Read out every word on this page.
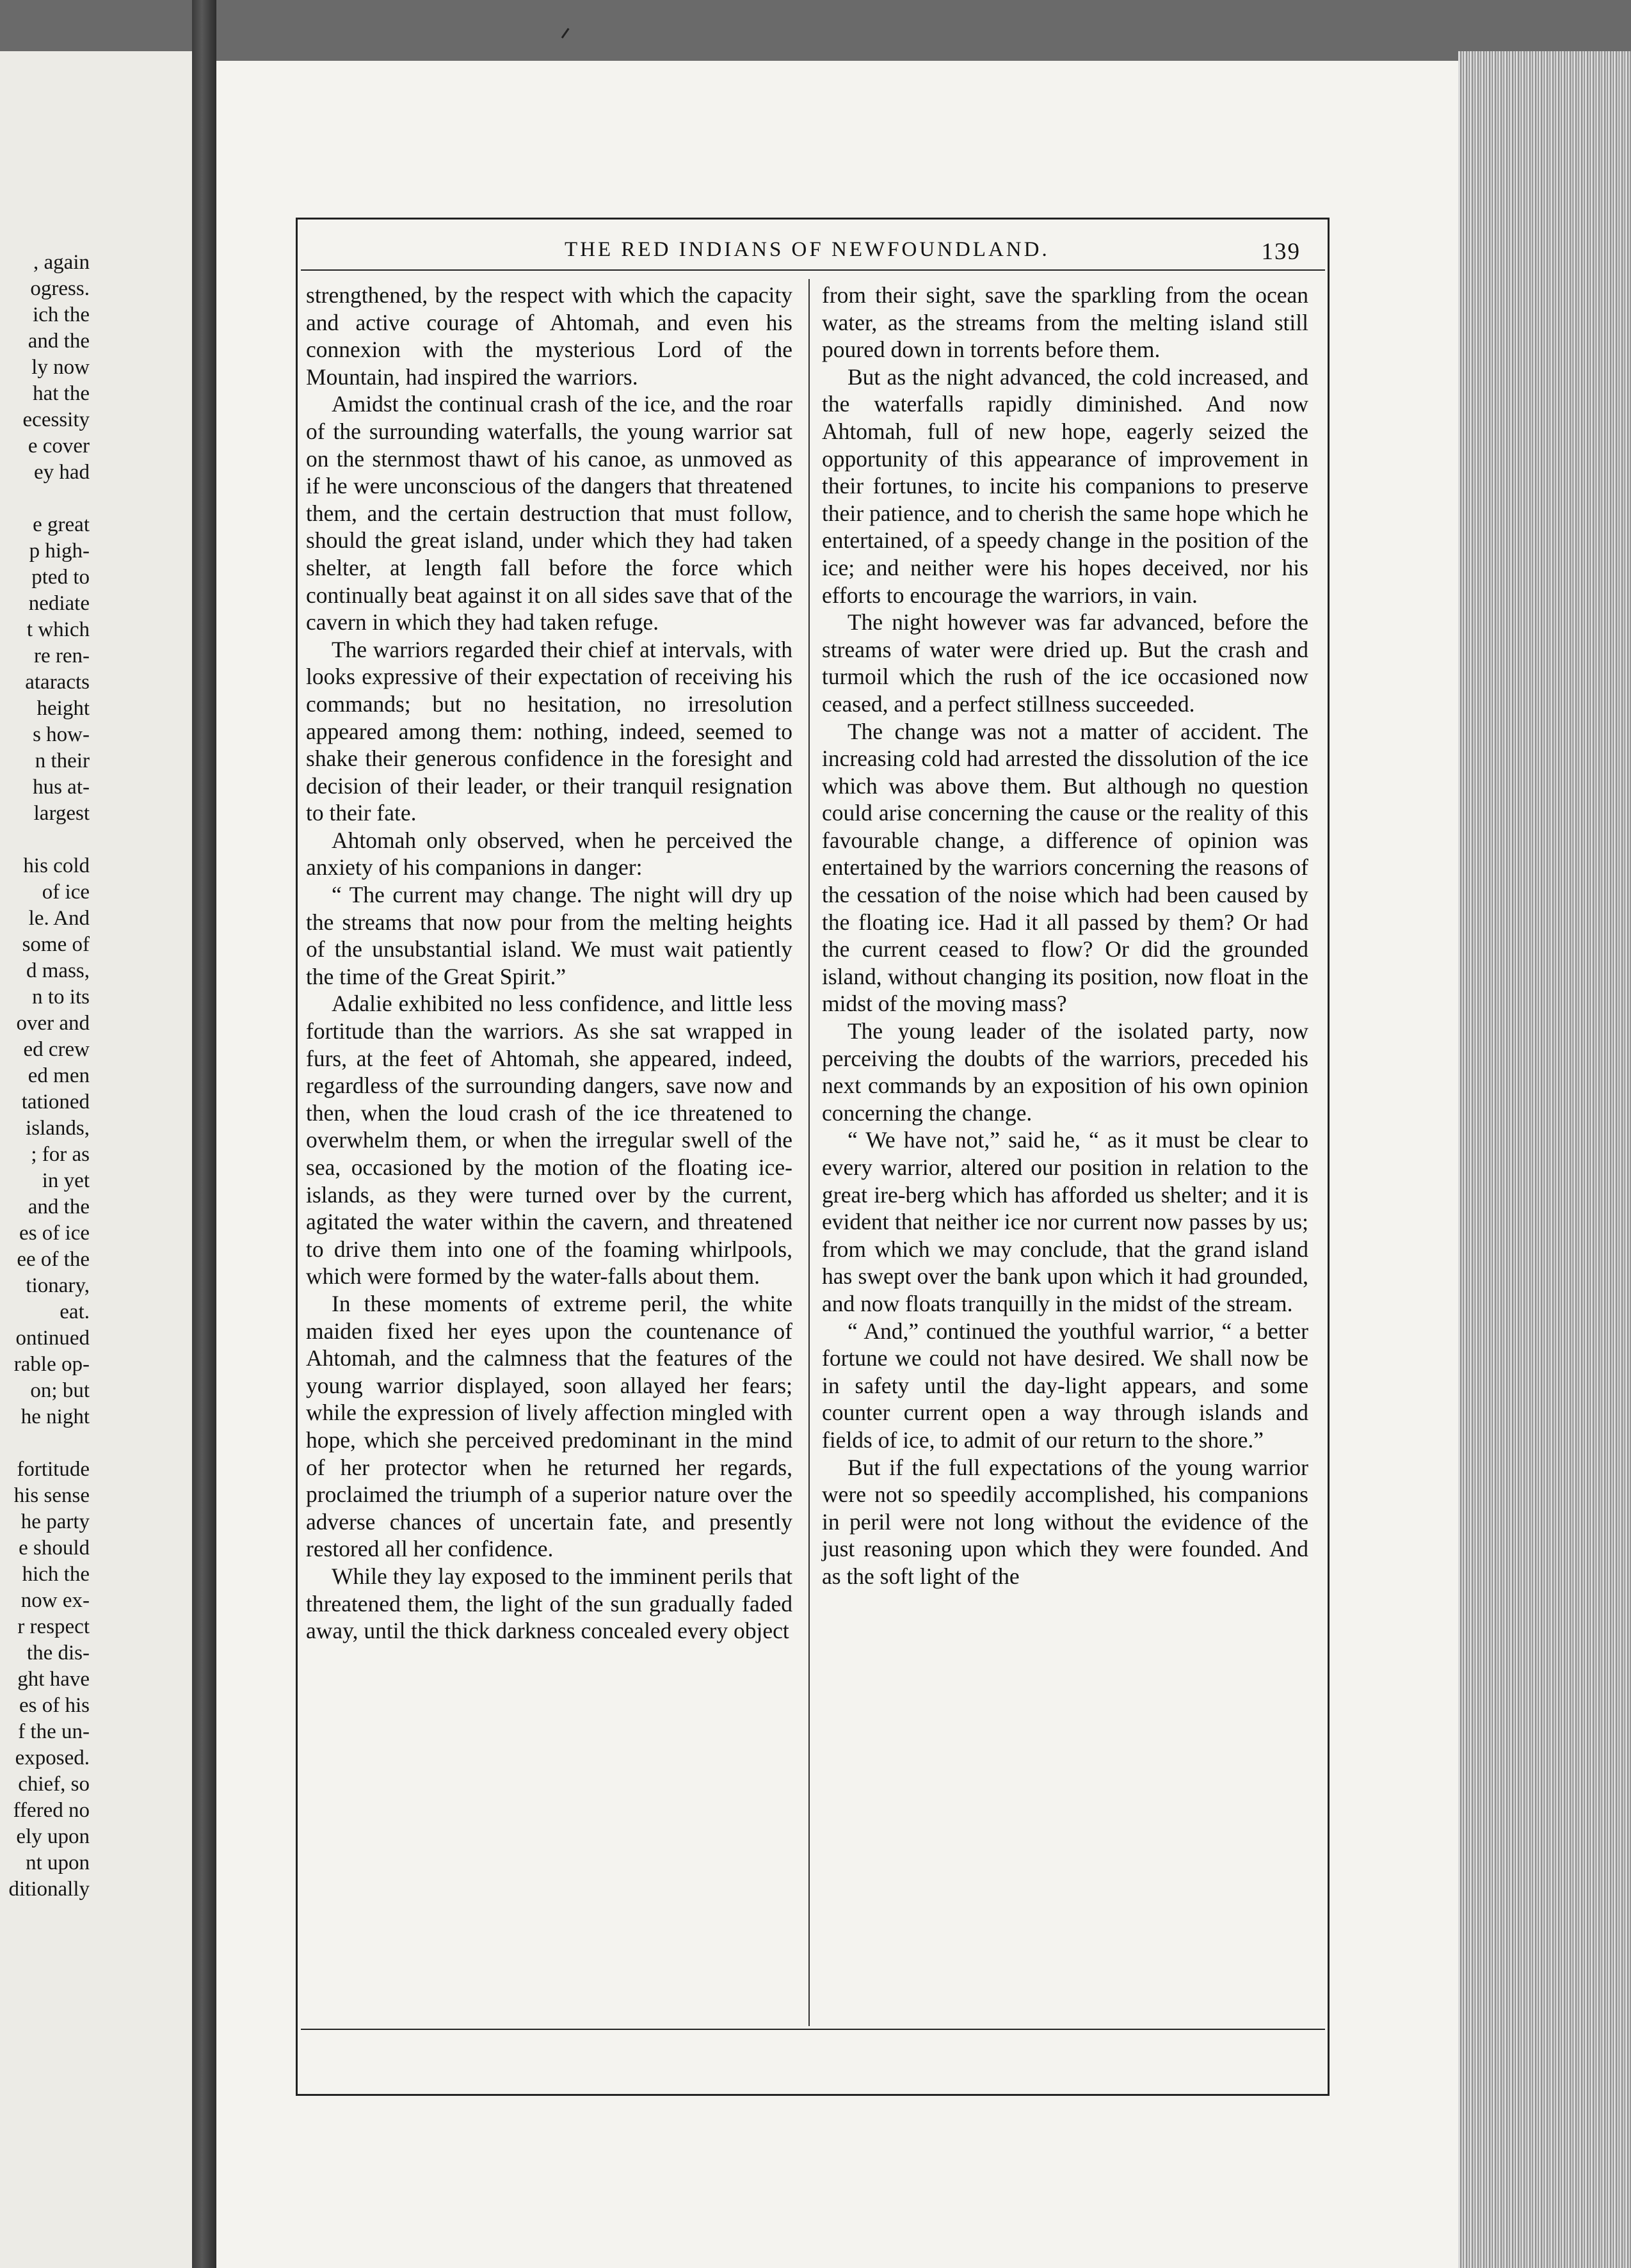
, again
ogress.
ich the
and the
ly now
hat the
ecessity
e cover
ey had
e great
p high-
pted to
nediate
t which
re ren-
ataracts
height
s how-
n their
hus at-
largest
his cold
of ice
le. And
some of
d mass,
n to its
over and
ed crew
ed men
tationed
islands,
; for as
in yet
and the
es of ice
ee of the
tionary,
eat.
ontinued
rable op-
on; but
he night
fortitude
his sense
he party
e should
hich the
now ex-
r respect
the dis-
ght have
es of his
f the un-
exposed.
chief, so
ffered no
ely upon
nt upon
ditionally
THE RED INDIANS OF NEWFOUNDLAND.	139

strengthened, by the respect with which the capacity and active courage of Ahtomah, and even his connexion with the mysterious Lord of the Mountain, had inspired the warriors.

Amidst the continual crash of the ice, and the roar of the surrounding waterfalls, the young warrior sat on the sternmost thawt of his canoe, as unmoved as if he were unconscious of the dangers that threatened them, and the certain destruction that must follow, should the great island, under which they had taken shelter, at length fall before the force which continually beat against it on all sides save that of the cavern in which they had taken refuge.

The warriors regarded their chief at intervals, with looks expressive of their expectation of receiving his commands; but no hesitation, no irresolution appeared among them: nothing, indeed, seemed to shake their generous confidence in the foresight and decision of their leader, or their tranquil resignation to their fate.

Ahtomah only observed, when he perceived the anxiety of his companions in danger:

“ The current may change. The night will dry up the streams that now pour from the melting heights of the unsubstantial island. We must wait patiently the time of the Great Spirit.”

Adalie exhibited no less confidence, and little less fortitude than the warriors. As she sat wrapped in furs, at the feet of Ahtomah, she appeared, indeed, regardless of the surrounding dangers, save now and then, when the loud crash of the ice threatened to overwhelm them, or when the irregular swell of the sea, occasioned by the motion of the floating ice-islands, as they were turned over by the current, agitated the water within the cavern, and threatened to drive them into one of the foaming whirlpools, which were formed by the water-falls about them.

In these moments of extreme peril, the white maiden fixed her eyes upon the countenance of Ahtomah, and the calmness that the features of the young warrior displayed, soon allayed her fears; while the expression of lively affection mingled with hope, which she perceived predominant in the mind of her protector when he returned her regards, proclaimed the triumph of a superior nature over the adverse chances of uncertain fate, and presently restored all her confidence.

While they lay exposed to the imminent perils that threatened them, the light of the sun gradually faded away, until the thick darkness concealed every object

from their sight, save the sparkling from the ocean water, as the streams from the melting island still poured down in torrents before them.

But as the night advanced, the cold increased, and the waterfalls rapidly diminished. And now Ahtomah, full of new hope, eagerly seized the opportunity of this appearance of improvement in their fortunes, to incite his companions to preserve their patience, and to cherish the same hope which he entertained, of a speedy change in the position of the ice; and neither were his hopes deceived, nor his efforts to encourage the warriors, in vain.

The night however was far advanced, before the streams of water were dried up. But the crash and turmoil which the rush of the ice occasioned now ceased, and a perfect stillness succeeded.

The change was not a matter of accident. The increasing cold had arrested the dissolution of the ice which was above them. But although no question could arise concerning the cause or the reality of this favourable change, a difference of opinion was entertained by the warriors concerning the reasons of the cessation of the noise which had been caused by the floating ice. Had it all passed by them? Or had the current ceased to flow? Or did the grounded island, without changing its position, now float in the midst of the moving mass?

The young leader of the isolated party, now perceiving the doubts of the warriors, preceded his next commands by an exposition of his own opinion concerning the change.

“ We have not,” said he, “ as it must be clear to every warrior, altered our position in relation to the great ire-berg which has afforded us shelter; and it is evident that neither ice nor current now passes by us; from which we may conclude, that the grand island has swept over the bank upon which it had grounded, and now floats tranquilly in the midst of the stream.

“ And,” continued the youthful warrior, “ a better fortune we could not have desired. We shall now be in safety until the day-light appears, and some counter current open a way through islands and fields of ice, to admit of our return to the shore.”

But if the full expectations of the young warrior were not so speedily accomplished, his companions in peril were not long without the evidence of the just reasoning upon which they were founded. And as the soft light of the
